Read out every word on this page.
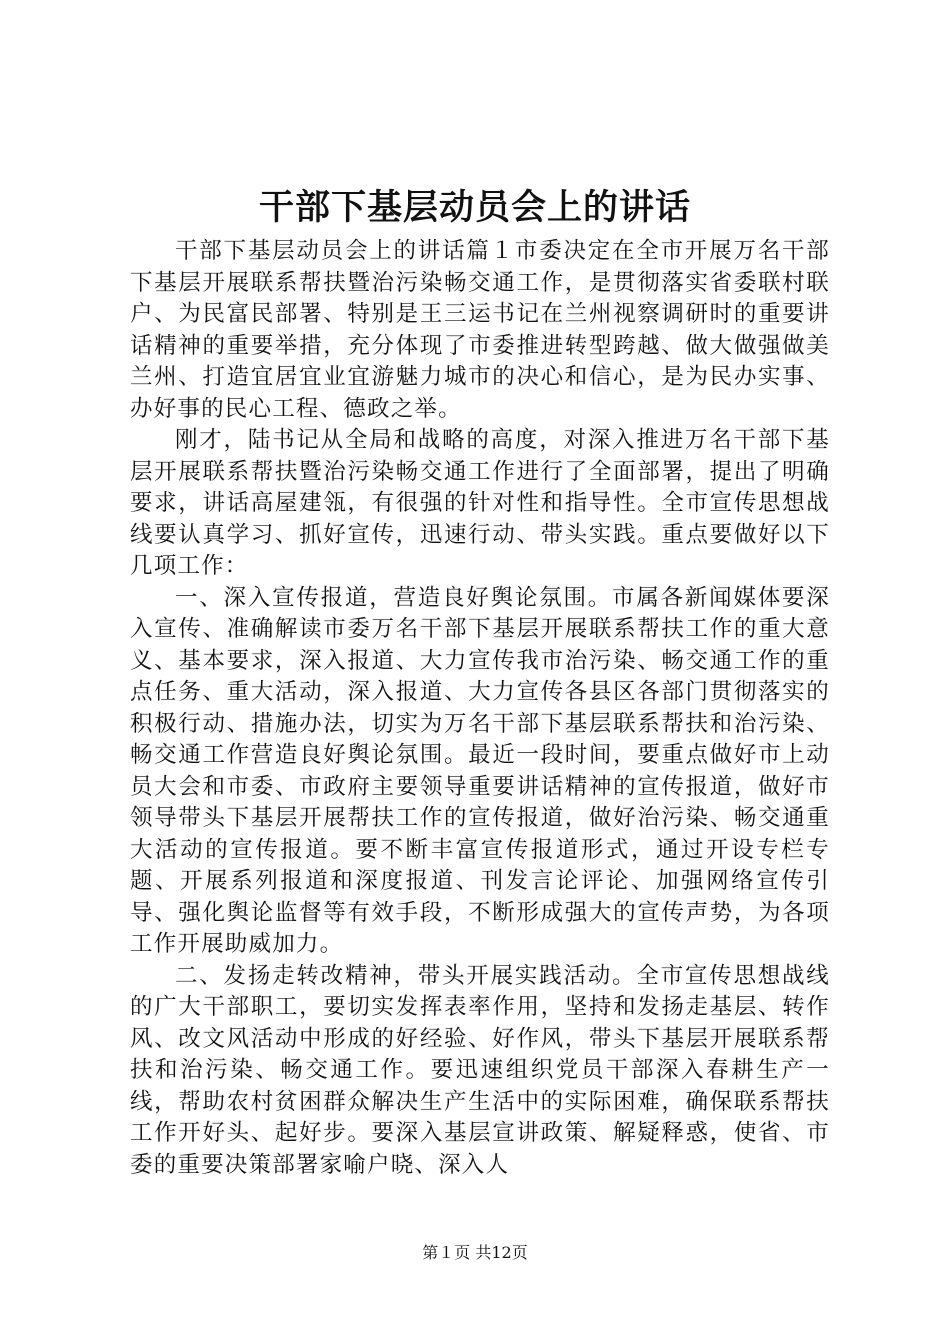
干部下基层动员会上的讲话

干部下基层动员会上的讲话篇１市委决定在全市开展万名干部下基层开展联系帮扶暨治污染畅交通工作，是贯彻落实省委联村联户、为民富民部署、特别是王三运书记在兰州视察调研时的重要讲话精神的重要举措，充分体现了市委推进转型跨越、做大做强做美兰州、打造宜居宜业宜游魅力城市的决心和信心，是为民办实事、办好事的民心工程、德政之举。

刚才，陆书记从全局和战略的高度，对深入推进万名干部下基层开展联系帮扶暨治污染畅交通工作进行了全面部署，提出了明确要求，讲话高屋建瓴，有很强的针对性和指导性。全市宣传思想战线要认真学习、抓好宣传，迅速行动、带头实践。重点要做好以下几项工作：

一、深入宣传报道，营造良好舆论氛围。市属各新闻媒体要深入宣传、准确解读市委万名干部下基层开展联系帮扶工作的重大意义、基本要求，深入报道、大力宣传我市治污染、畅交通工作的重点任务、重大活动，深入报道、大力宣传各县区各部门贯彻落实的积极行动、措施办法，切实为万名干部下基层联系帮扶和治污染、畅交通工作营造良好舆论氛围。最近一段时间，要重点做好市上动员大会和市委、市政府主要领导重要讲话精神的宣传报道，做好市领导带头下基层开展帮扶工作的宣传报道，做好治污染、畅交通重大活动的宣传报道。要不断丰富宣传报道形式，通过开设专栏专题、开展系列报道和深度报道、刊发言论评论、加强网络宣传引导、强化舆论监督等有效手段，不断形成强大的宣传声势，为各项工作开展助威加力。

二、发扬走转改精神，带头开展实践活动。全市宣传思想战线的广大干部职工，要切实发挥表率作用，坚持和发扬走基层、转作风、改文风活动中形成的好经验、好作风，带头下基层开展联系帮扶和治污染、畅交通工作。要迅速组织党员干部深入春耕生产一线，帮助农村贫困群众解决生产生活中的实际困难，确保联系帮扶工作开好头、起好步。要深入基层宣讲政策、解疑释惑，使省、市委的重要决策部署家喻户晓、深入人

第１页 共12页
